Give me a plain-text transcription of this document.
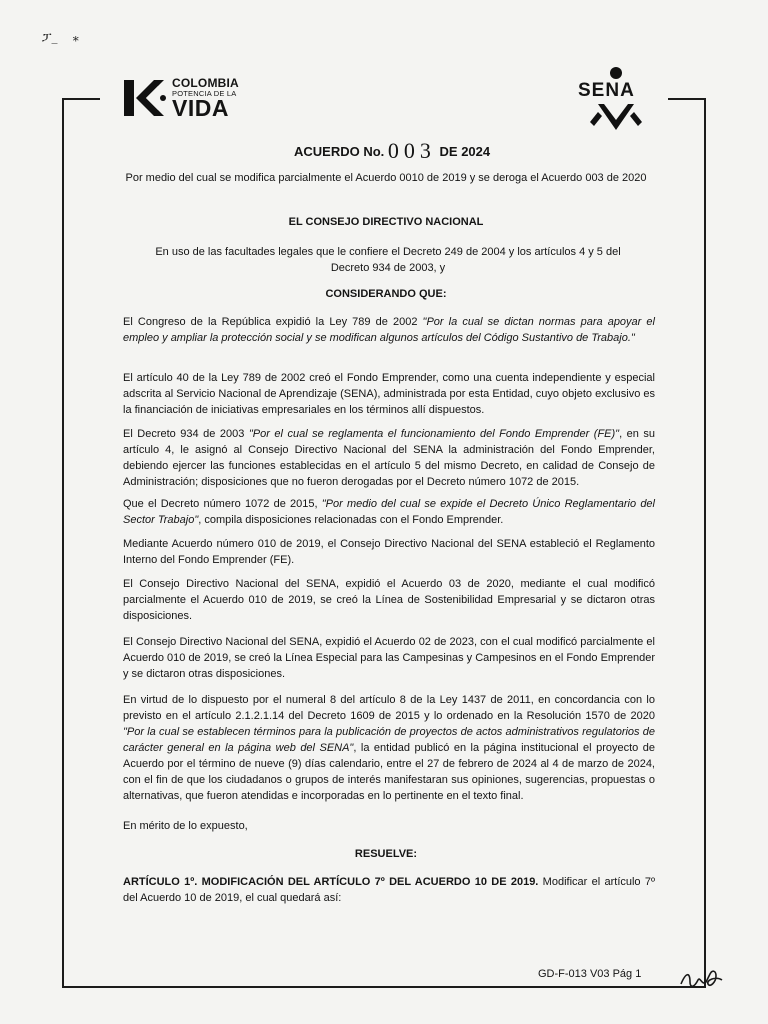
ፓ_    ⁎
COLOMBIA
POTENCIA DE LA
VIDA
SENA
ACUERDO No. 003 DE 2024
Por medio del cual se modifica parcialmente el Acuerdo 0010 de 2019 y se deroga el Acuerdo 003 de 2020
EL CONSEJO DIRECTIVO NACIONAL
En uso de las facultades legales que le confiere el Decreto 249 de 2004 y los artículos 4 y 5 del Decreto 934 de 2003, y
CONSIDERANDO QUE:
El Congreso de la República expidió la Ley 789 de 2002 "Por la cual se dictan normas para apoyar el empleo y ampliar la protección social y se modifican algunos artículos del Código Sustantivo de Trabajo."
El artículo 40 de la Ley 789 de 2002 creó el Fondo Emprender, como una cuenta independiente y especial adscrita al Servicio Nacional de Aprendizaje (SENA), administrada por esta Entidad, cuyo objeto exclusivo es la financiación de iniciativas empresariales en los términos allí dispuestos.
El Decreto 934 de 2003 "Por el cual se reglamenta el funcionamiento del Fondo Emprender (FE)", en su artículo 4, le asignó al Consejo Directivo Nacional del SENA la administración del Fondo Emprender, debiendo ejercer las funciones establecidas en el artículo 5 del mismo Decreto, en calidad de Consejo de Administración; disposiciones que no fueron derogadas por el Decreto número 1072 de 2015.
Que el Decreto número 1072 de 2015, "Por medio del cual se expide el Decreto Único Reglamentario del Sector Trabajo", compila disposiciones relacionadas con el Fondo Emprender.
Mediante Acuerdo número 010 de 2019, el Consejo Directivo Nacional del SENA estableció el Reglamento Interno del Fondo Emprender (FE).
El Consejo Directivo Nacional del SENA, expidió el Acuerdo 03 de 2020, mediante el cual modificó parcialmente el Acuerdo 010 de 2019, se creó la Línea de Sostenibilidad Empresarial y se dictaron otras disposiciones.
El Consejo Directivo Nacional del SENA, expidió el Acuerdo 02 de 2023, con el cual modificó parcialmente el Acuerdo 010 de 2019, se creó la Línea Especial para las Campesinas y Campesinos en el Fondo Emprender y se dictaron otras disposiciones.
En virtud de lo dispuesto por el numeral 8 del artículo 8 de la Ley 1437 de 2011, en concordancia con lo previsto en el artículo 2.1.2.1.14 del Decreto 1609 de 2015 y lo ordenado en la Resolución 1570 de 2020 "Por la cual se establecen términos para la publicación de proyectos de actos administrativos regulatorios de carácter general en la página web del SENA", la entidad publicó en la página institucional el proyecto de Acuerdo por el término de nueve (9) días calendario, entre el 27 de febrero de 2024 al 4 de marzo de 2024, con el fin de que los ciudadanos o grupos de interés manifestaran sus opiniones, sugerencias, propuestas o alternativas, que fueron atendidas e incorporadas en lo pertinente en el texto final.
En mérito de lo expuesto,
RESUELVE:
ARTÍCULO 1º. MODIFICACIÓN DEL ARTÍCULO 7º DEL ACUERDO 10 DE 2019. Modificar el artículo 7º del Acuerdo 10 de 2019, el cual quedará así:
GD-F-013 V03 Pág 1
